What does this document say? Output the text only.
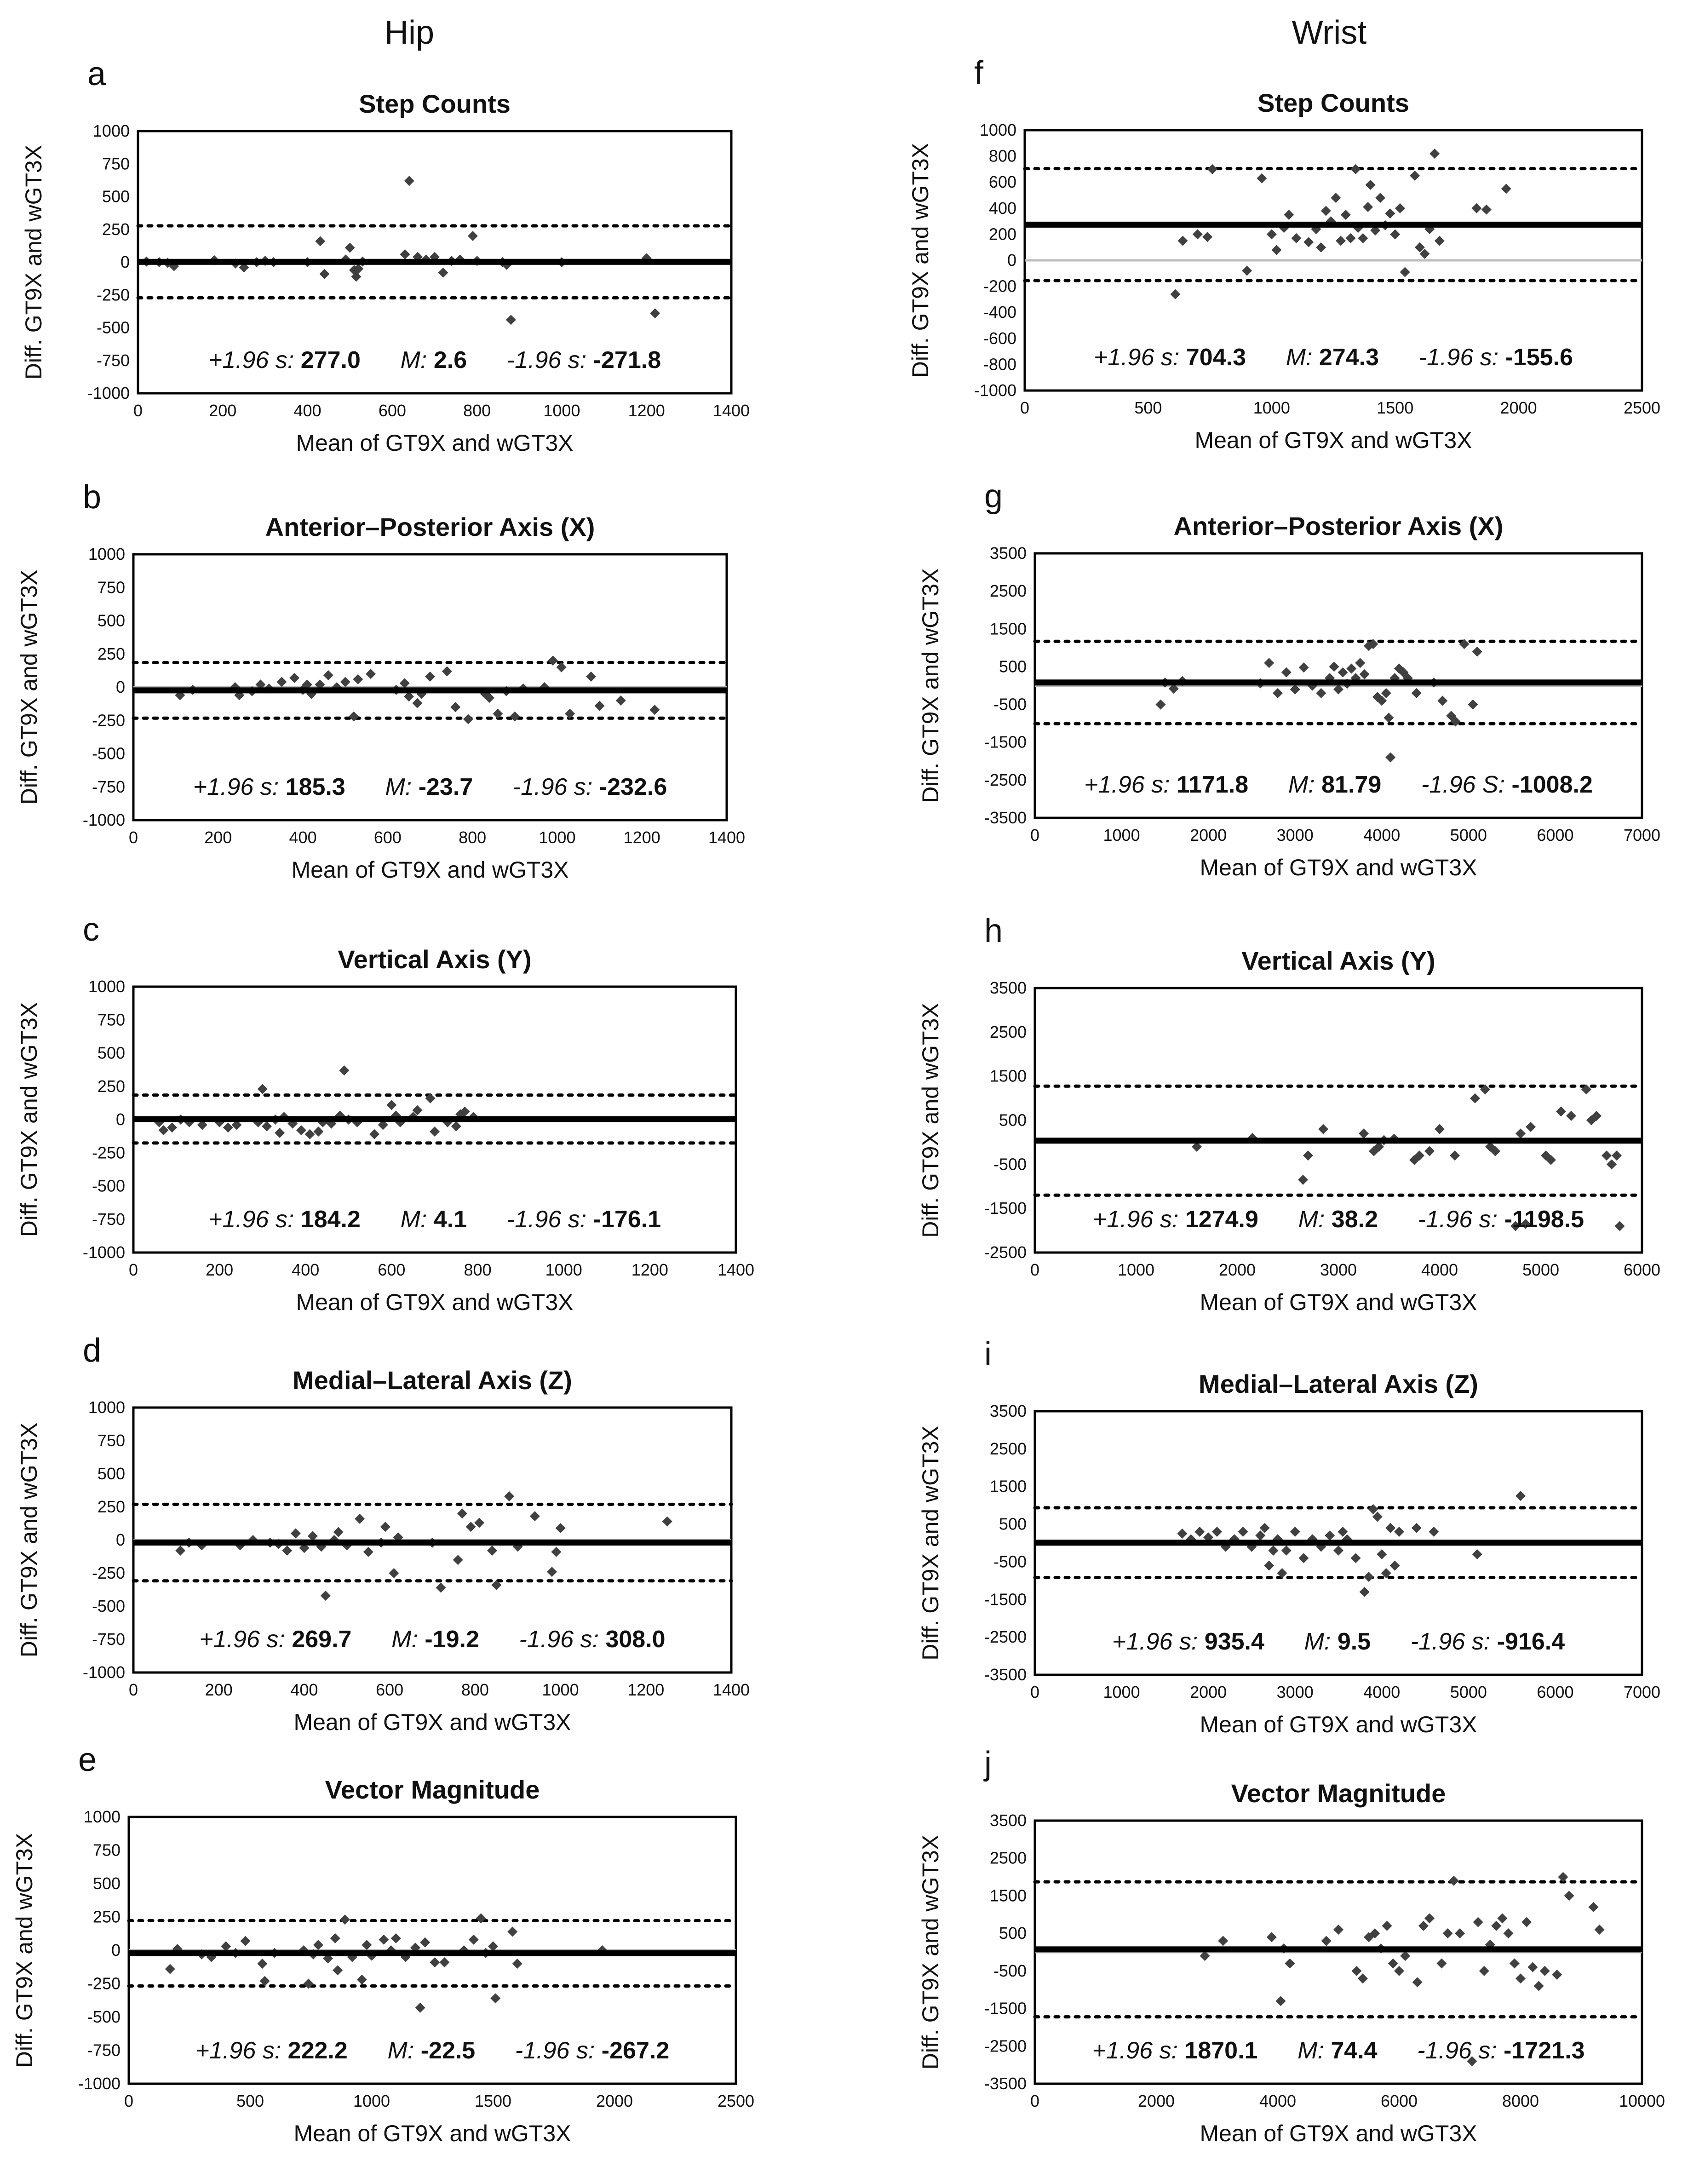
Hip	Wrist
a
Step Counts
-1000
-750
-500
-250
0
250
500
750
1000
0	200	400	600	800	1000	1200	1400
Mean of GT9X and wGT3X
Diff. GT9X and wGT3X	+1.96 s: 277.0 M: 2.6 -1.96 s: -271.8
b
Anterior–Posterior Axis (X)
-1000
-750
-500
-250
0
250
500
750
1000
0	200	400	600	800	1000	1200	1400
Mean of GT9X and wGT3X
Diff. GT9X and wGT3X	+1.96 s: 185.3 M: -23.7 -1.96 s: -232.6
c
Vertical Axis (Y)
-1000
-750
-500
-250
0
250
500
750
1000
0	200	400	600	800	1000	1200	1400
Mean of GT9X and wGT3X
Diff. GT9X and wGT3X	+1.96 s: 184.2 M: 4.1 -1.96 s: -176.1
d
Medial–Lateral Axis (Z)
-1000
-750
-500
-250
0
250
500
750
1000
0	200	400	600	800	1000	1200	1400
Mean of GT9X and wGT3X
Diff. GT9X and wGT3X	+1.96 s: 269.7 M: -19.2 -1.96 s: 308.0
e
Vector Magnitude
-1000
-750
-500
-250
0
250
500
750
1000
0	500	1000	1500	2000	2500
Mean of GT9X and wGT3X
Diff. GT9X and wGT3X	+1.96 s: 222.2 M: -22.5 -1.96 s: -267.2
f
Step Counts
-1000
-800
-600
-400
-200
0
200
400
600
800
1000
0	500	1000	1500	2000	2500
Mean of GT9X and wGT3X
Diff. GT9X and wGT3X	+1.96 s: 704.3 M: 274.3 -1.96 s: -155.6
g
Anterior–Posterior Axis (X)
-3500
-2500
-1500
-500
500
1500
2500
3500
0	1000	2000	3000	4000	5000	6000	7000
Mean of GT9X and wGT3X
Diff. GT9X and wGT3X	+1.96 s: 1171.8 M: 81.79 -1.96 S: -1008.2
h
Vertical Axis (Y)
-2500
-1500
-500
500
1500
2500
3500
0	1000	2000	3000	4000	5000	6000
Mean of GT9X and wGT3X
Diff. GT9X and wGT3X	+1.96 s: 1274.9 M: 38.2 -1.96 s: -1198.5
i
Medial–Lateral Axis (Z)
-3500
-2500
-1500
-500
500
1500
2500
3500
0	1000	2000	3000	4000	5000	6000	7000
Mean of GT9X and wGT3X
Diff. GT9X and wGT3X	+1.96 s: 935.4 M: 9.5 -1.96 s: -916.4
j
Vector Magnitude
-3500
-2500
-1500
-500
500
1500
2500
3500
0	2000	4000	6000	8000	10000
Mean of GT9X and wGT3X
Diff. GT9X and wGT3X	+1.96 s: 1870.1 M: 74.4 -1.96 s: -1721.3
